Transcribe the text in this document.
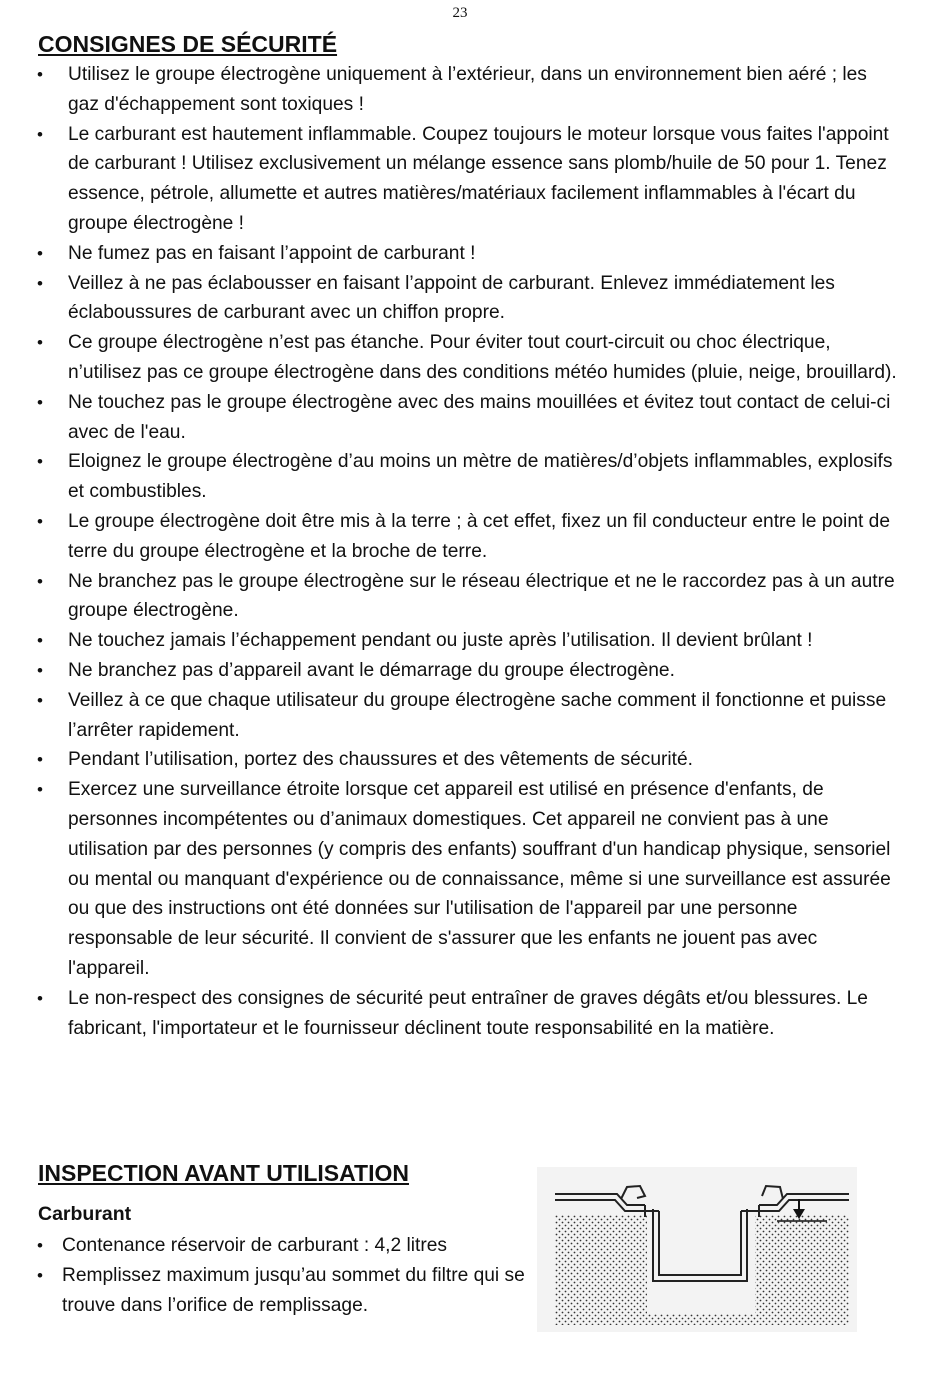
23
CONSIGNES DE SÉCURITÉ
• Utilisez le groupe électrogène uniquement à l’extérieur, dans un environnement bien aéré ; les gaz d'échappement sont toxiques !
• Le carburant est hautement inflammable. Coupez toujours le moteur lorsque vous faites l'appoint de carburant ! Utilisez exclusivement un mélange essence sans plomb/huile de 50 pour 1. Tenez essence, pétrole, allumette et autres matières/matériaux facilement inflammables à l'écart du groupe électrogène !
• Ne fumez pas en faisant l’appoint de carburant !
• Veillez à ne pas éclabousser en faisant l’appoint de carburant. Enlevez immédiatement les éclaboussures de carburant avec un chiffon propre.
• Ce groupe électrogène n’est pas étanche. Pour éviter tout court-circuit ou choc électrique, n’utilisez pas ce groupe électrogène dans des conditions météo humides (pluie, neige, brouillard).
• Ne touchez pas le groupe électrogène avec des mains mouillées et évitez tout contact de celui-ci avec de l'eau.
• Eloignez le groupe électrogène d’au moins un mètre de matières/d’objets inflammables, explosifs et combustibles.
• Le groupe électrogène doit être mis à la terre ; à cet effet, fixez un fil conducteur entre le point de terre du groupe électrogène et la broche de terre.
• Ne branchez pas le groupe électrogène sur le réseau électrique et ne le raccordez pas à un autre groupe électrogène.
• Ne touchez jamais l’échappement pendant ou juste après l’utilisation. Il devient brûlant !
• Ne branchez pas d’appareil avant le démarrage du groupe électrogène.
• Veillez à ce que chaque utilisateur du groupe électrogène sache comment il fonctionne et puisse l’arrêter rapidement.
• Pendant l’utilisation, portez des chaussures et des vêtements de sécurité.
• Exercez une surveillance étroite lorsque cet appareil est utilisé en présence d'enfants, de personnes incompétentes ou d’animaux domestiques. Cet appareil ne convient pas à une utilisation par des personnes (y compris des enfants) souffrant d'un handicap physique, sensoriel ou mental ou manquant d'expérience ou de connaissance, même si une surveillance est assurée ou que des instructions ont été données sur l'utilisation de l'appareil par une personne responsable de leur sécurité. Il convient de s'assurer que les enfants ne jouent pas avec l'appareil.
• Le non-respect des consignes de sécurité peut entraîner de graves dégâts et/ou blessures. Le fabricant, l'importateur et le fournisseur déclinent toute responsabilité en la matière.
INSPECTION AVANT UTILISATION
Carburant
• Contenance réservoir de carburant : 4,2 litres
• Remplissez maximum jusqu’au sommet du filtre qui se trouve dans l’orifice de remplissage.
